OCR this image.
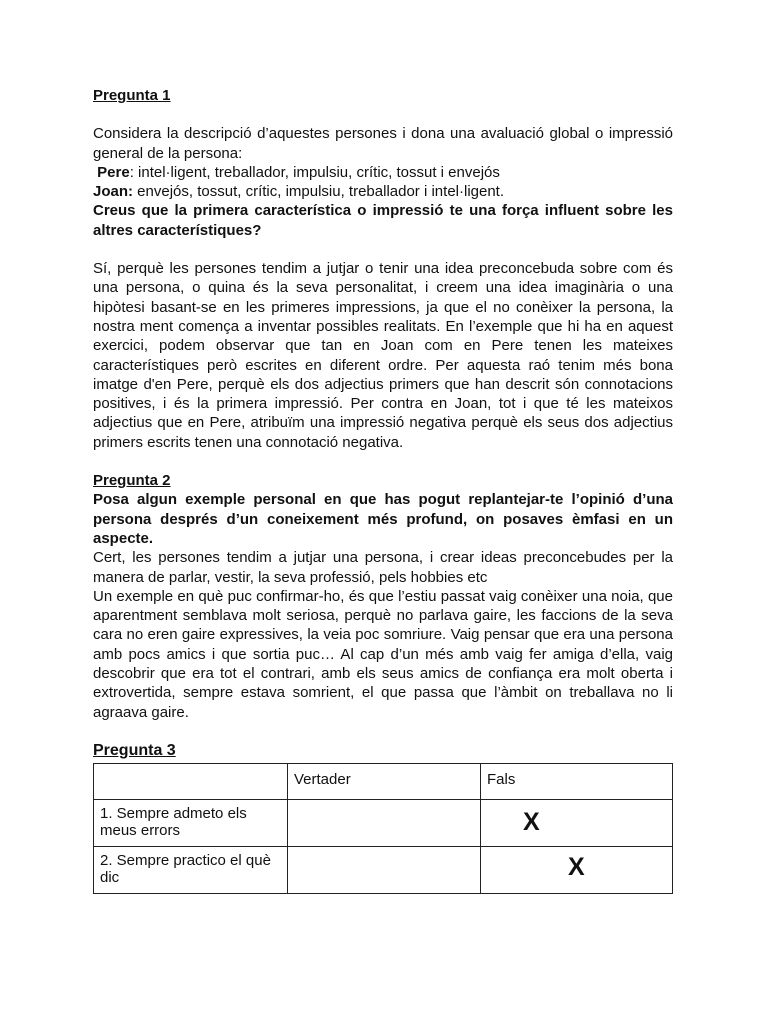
Pregunta 1

Considera la descripció d’aquestes persones i dona una avaluació global o impressió general de la persona:

Pere: intel·ligent, treballador, impulsiu, crític, tossut i envejós
Joan: envejós, tossut, crític, impulsiu, treballador i intel·ligent.

Creus que la primera característica o impressió te una força influent sobre les altres característiques?

Sí, perquè les persones tendim a jutjar o tenir una idea preconcebuda sobre com és una persona, o quina és la seva personalitat, i creem una idea imaginària o una hipòtesi basant-se en les primeres impressions, ja que el no conèixer la persona, la nostra ment comença a inventar possibles realitats. En l’exemple que hi ha en aquest exercici, podem observar que tan en Joan com en Pere tenen les mateixes característiques però escrites en diferent ordre. Per aquesta raó tenim més bona imatge d'en Pere, perquè els dos adjectius primers que han descrit són connotacions positives, i és la primera impressió. Per contra en Joan, tot i que té les mateixos adjectius que en Pere, atribuïm una impressió negativa perquè els seus dos adjectius primers escrits tenen una connotació negativa.

Pregunta 2

Posa algun exemple personal en que has pogut replantejar-te l’opinió d’una persona després d’un coneixement més profund, on posaves èmfasi en un aspecte.

Cert, les persones tendim a jutjar una persona, i crear ideas preconcebudes per la manera de parlar, vestir, la seva professió, pels hobbies etc

Un exemple en què puc confirmar-ho, és que l’estiu passat vaig conèixer una noia, que aparentment semblava molt seriosa, perquè no parlava gaire, les faccions de la seva cara no eren gaire expressives, la veia poc somriure. Vaig pensar que era una persona amb pocs amics i que sortia puc… Al cap d’un més amb vaig fer amiga d’ella, vaig descobrir que era tot el contrari, amb els seus amics de confiança era molt oberta i extrovertida, sempre estava somrient, el que passa que l’àmbit on treballava no li agraava gaire.

Pregunta 3
	Vertader	Fals
1. Sempre admeto els meus errors		X

2. Sempre practico el què dic		X
